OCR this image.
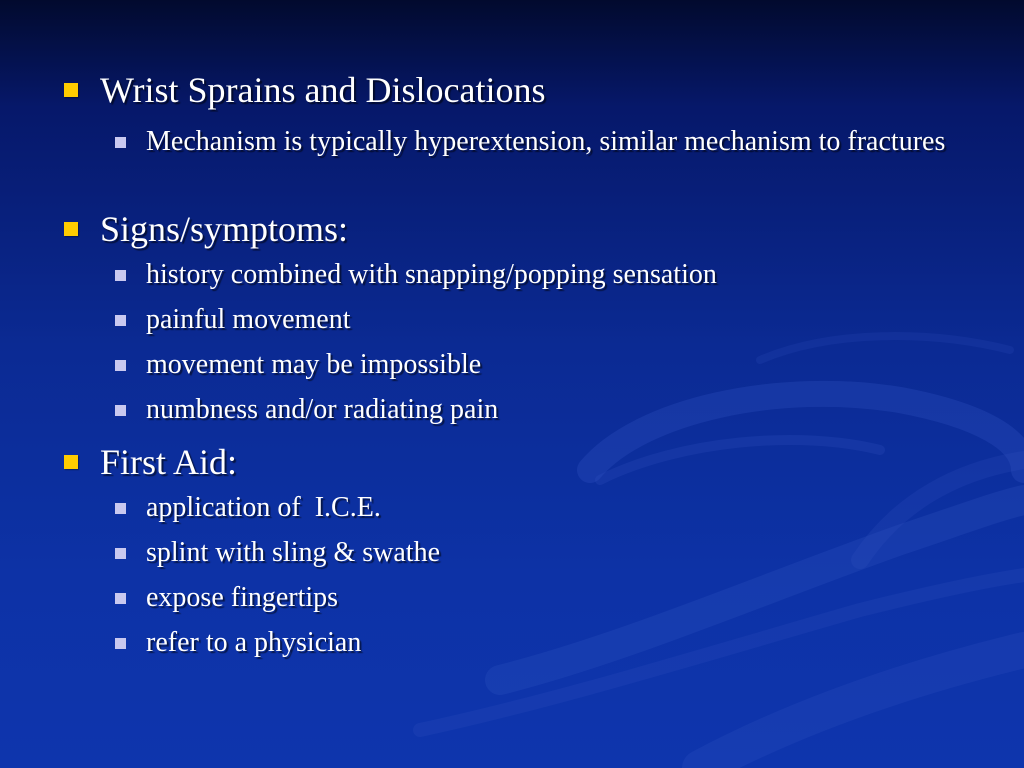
Wrist Sprains and Dislocations
Mechanism is typically hyperextension, similar mechanism to fractures
Signs/symptoms:
history combined with snapping/popping sensation
painful movement
movement may be impossible
numbness and/or radiating pain
First Aid:
application of  I.C.E.
splint with sling & swathe
expose fingertips
refer to a physician
